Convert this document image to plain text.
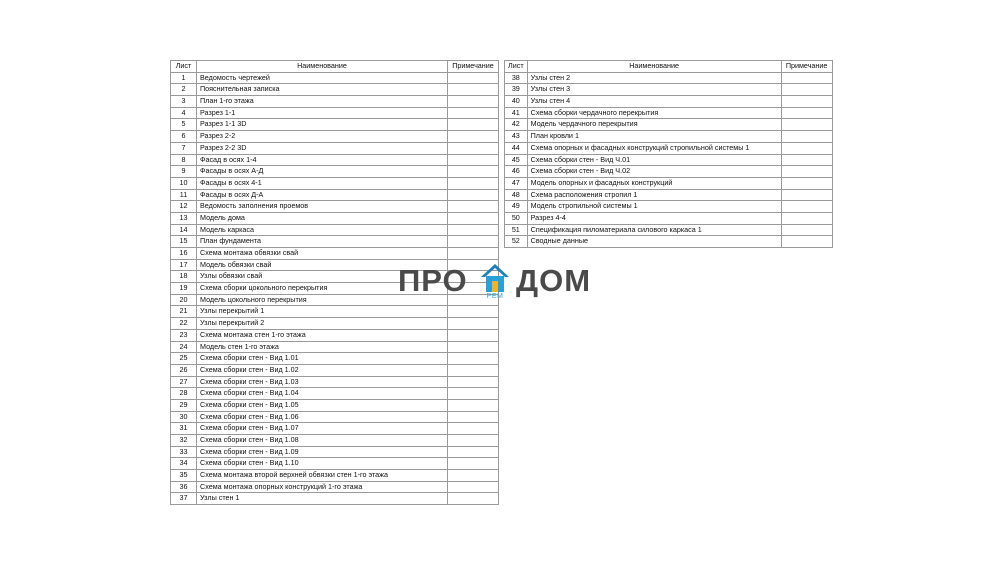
Лист	Наименование	Примечание
1	Ведомость чертежей	
2	Пояснительная записка	
3	План 1-го этажа	
4	Разрез 1-1	
5	Разрез 1-1 3D	
6	Разрез 2-2	
7	Разрез 2-2 3D	
8	Фасад в осях 1-4	
9	Фасады в осях А-Д	
10	Фасады в осях 4-1	
11	Фасады в осях Д-А	
12	Ведомость заполнения проемов	
13	Модель дома	
14	Модель каркаса	
15	План фундамента	
16	Схема монтажа обвязки свай	
17	Модель обвязки свай	
18	Узлы обвязки свай	
19	Схема сборки цокольного перекрытия	
20	Модель цокольного перекрытия	
21	Узлы перекрытий 1	
22	Узлы перекрытий 2	
23	Схема монтажа стен 1-го этажа	
24	Модель стен 1-го этажа	
25	Схема сборки стен - Вид 1.01	
26	Схема сборки стен - Вид 1.02	
27	Схема сборки стен - Вид 1.03	
28	Схема сборки стен - Вид 1.04	
29	Схема сборки стен - Вид 1.05	
30	Схема сборки стен - Вид 1.06	
31	Схема сборки стен - Вид 1.07	
32	Схема сборки стен - Вид 1.08	
33	Схема сборки стен - Вид 1.09	
34	Схема сборки стен - Вид 1.10	
35	Схема монтажа второй верхней обвязки стен 1-го этажа	
36	Схема монтажа опорных конструкций 1-го этажа	
37	Узлы стен 1	
Лист	Наименование	Примечание
38	Узлы стен 2	
39	Узлы стен 3	
40	Узлы стен 4	
41	Схема сборки чердачного перекрытия	
42	Модель чердачного перекрытия	
43	План кровли 1	
44	Схема опорных и фасадных конструкций стропильной системы 1	
45	Схема сборки стен - Вид Ч.01	
46	Схема сборки стен - Вид Ч.02	
47	Модель опорных и фасадных конструкций	
48	Схема расположения стропил 1	
49	Модель стропильной системы 1	
50	Разрез 4-4	
51	Спецификация пиломатериала силового каркаса 1	
52	Сводные данные	
ПРО	РЕМ ДОМ
